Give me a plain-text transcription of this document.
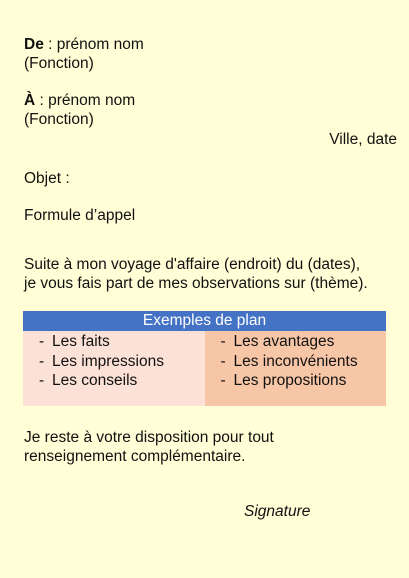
De : prénom nom
(Fonction)
À : prénom nom
(Fonction)
Ville, date
Objet :
Formule d’appel
Suite à mon voyage d'affaire (endroit) du (dates),
je vous fais part de mes observations sur (thème).
Exemples de plan
- Les faits
- Les impressions
- Les conseils
- Les avantages
- Les inconvénients
- Les propositions
Je reste à votre disposition pour tout
renseignement complémentaire.
Signature
